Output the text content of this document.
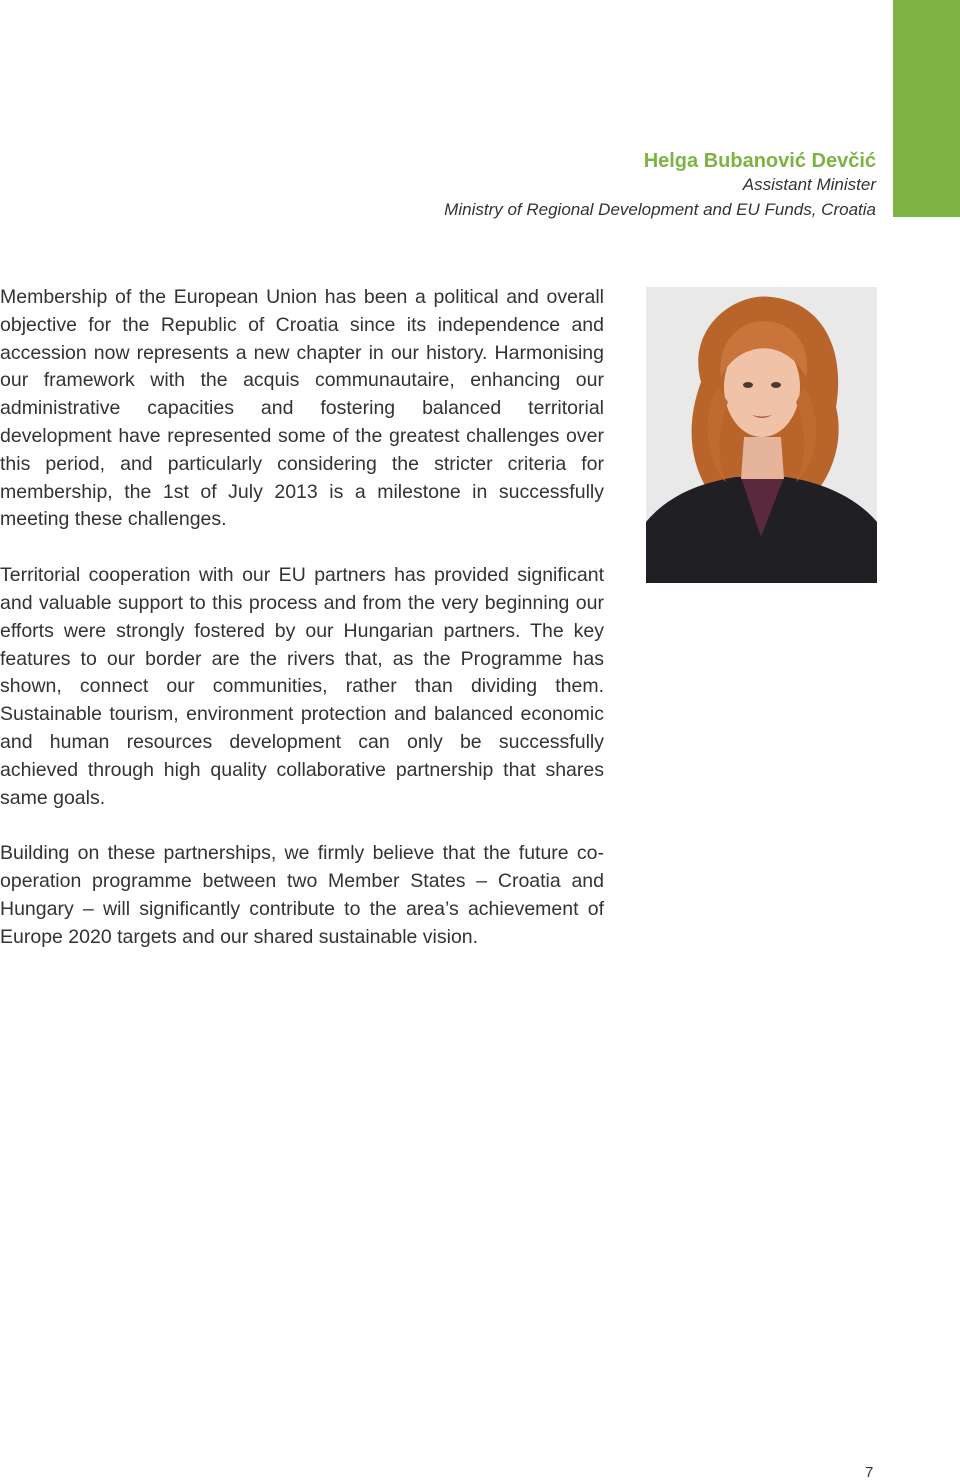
Helga Bubanović Devčić
Assistant Minister
Ministry of Regional Development and EU Funds, Croatia

Membership of the European Union has been a political and overall objective for the Republic of Croatia since its independence and accession now represents a new chapter in our history. Harmonising our framework with the acquis communautaire, enhancing our administrative capacities and fostering balanced territorial development have represented some of the greatest challenges over this period, and particularly considering the stricter criteria for membership, the 1st of July 2013 is a milestone in successfully meeting these challenges.

Territorial cooperation with our EU partners has provided significant and valuable support to this process and from the very beginning our efforts were strongly fostered by our Hungarian partners. The key features to our border are the rivers that, as the Programme has shown, connect our communities, rather than dividing them. Sustainable tourism, environment protection and balanced economic and human resources development can only be successfully achieved through high quality collaborative partnership that shares same goals.

Building on these partnerships, we firmly believe that the future co-operation programme between two Member States – Croatia and Hungary – will significantly contribute to the area’s achievement of Europe 2020 targets and our shared sustainable vision.

7
